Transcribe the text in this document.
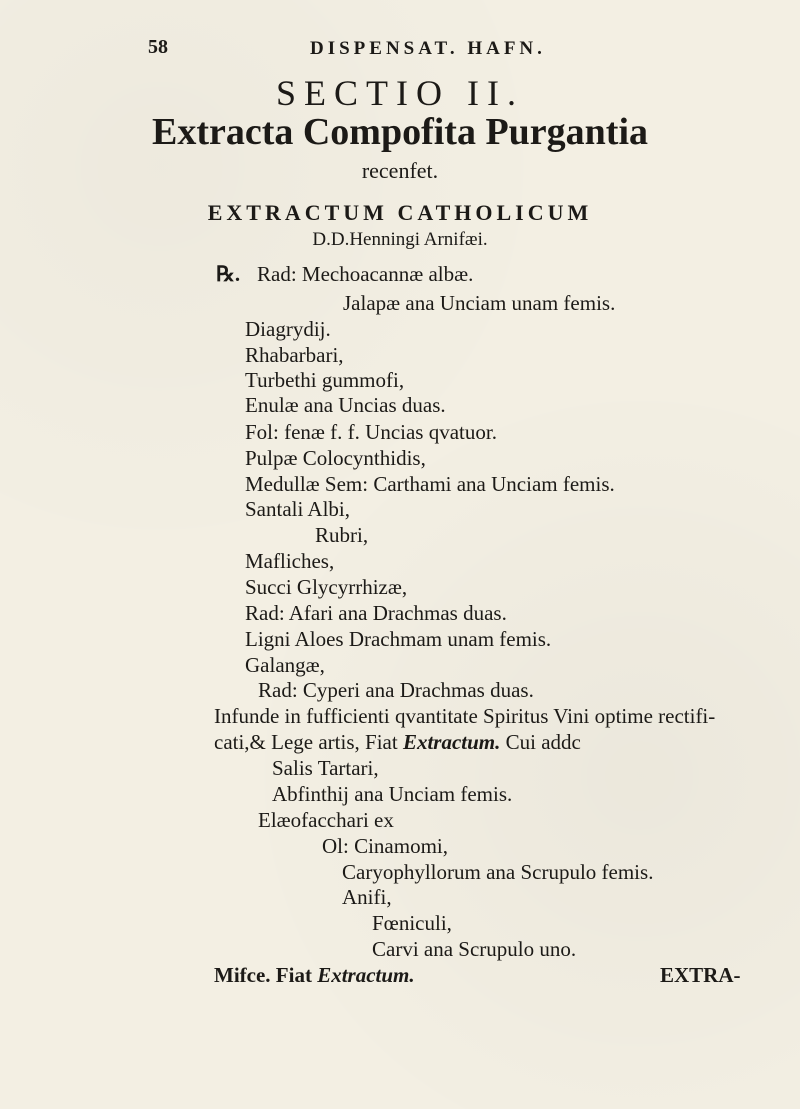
58	DISPENSAT. HAFN.
SECTIO II.
Extracta Compofita Purgantia
recenfet.
EXTRACTUM CATHOLICUM
D.D.Henningi Arnifæi.
℞. Rad: Mechoacannæ albæ.
Jalapæ ana Unciam unam femis.
Diagrydij.
Rhabarbari,
Turbethi gummofi,
Enulæ ana Uncias duas.
Fol: fenæ f. f. Uncias qvatuor.
Pulpæ Colocynthidis,
Medullæ Sem: Carthami ana Unciam femis.
Santali Albi,
Rubri,
Mafliches,
Succi Glycyrrhizæ,
Rad: Afari ana Drachmas duas.
Ligni Aloes Drachmam unam femis.
Galangæ,
Rad: Cyperi ana Drachmas duas.
Infunde in fufficienti qvantitate Spiritus Vini optime rectifi-
cati,& Lege artis, Fiat Extractum. Cui addc
Salis Tartari,
Abfinthij ana Unciam femis.
Elæofacchari ex
Ol: Cinamomi,
Caryophyllorum ana Scrupulo femis.
Anifi,
Fœniculi,
Carvi ana Scrupulo uno.
Mifce. Fiat Extractum.	EXTRA-
